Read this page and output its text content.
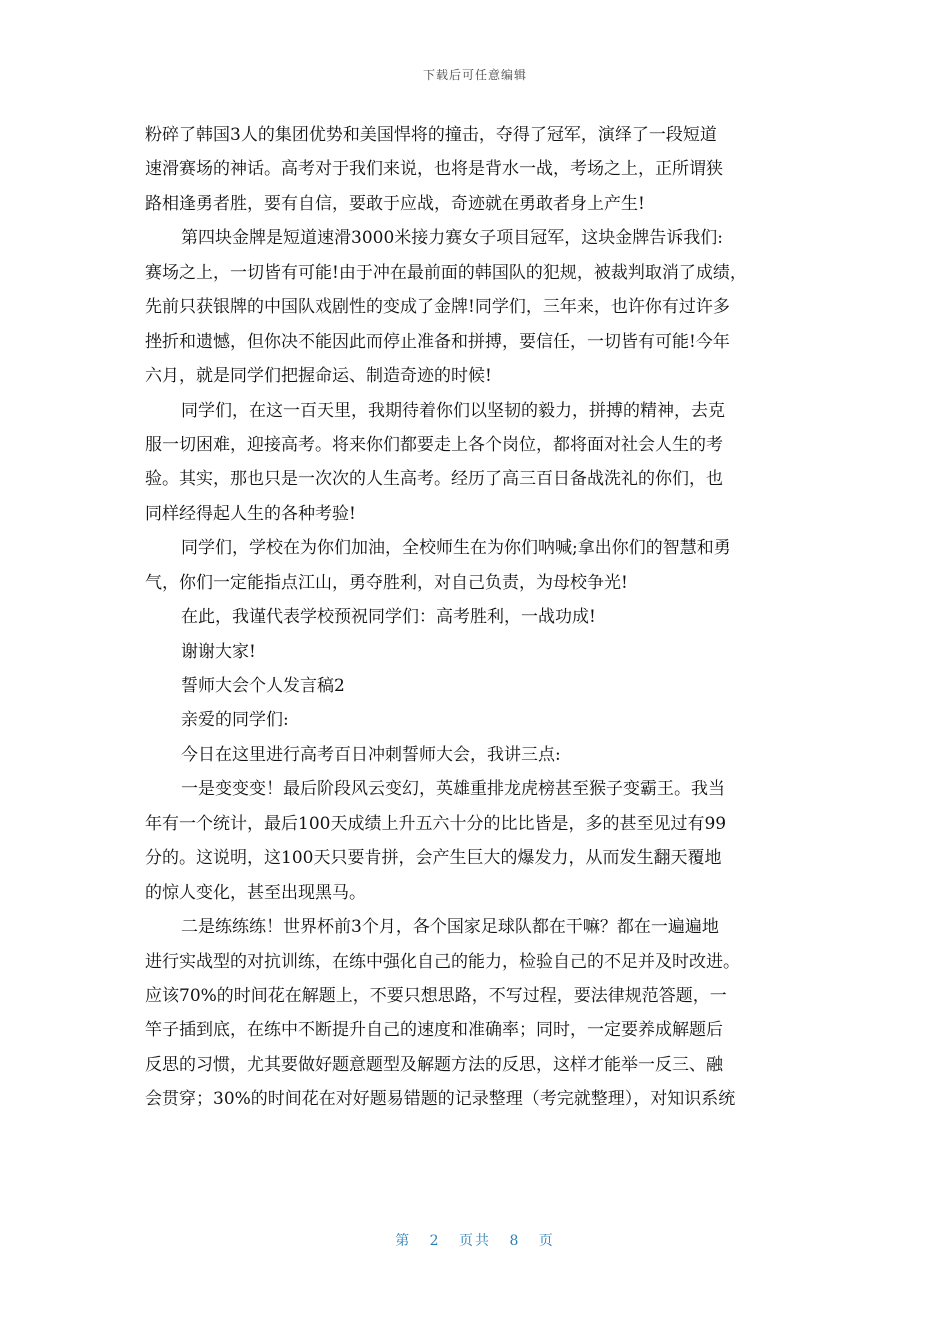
下载后可任意编辑
粉碎了韩国3人的集团优势和美国悍将的撞击，夺得了冠军，演绎了一段短道
速滑赛场的神话。高考对于我们来说，也将是背水一战，考场之上，正所谓狭
路相逢勇者胜，要有自信，要敢于应战，奇迹就在勇敢者身上产生!
第四块金牌是短道速滑3000米接力赛女子项目冠军，这块金牌告诉我们:
赛场之上，一切皆有可能!由于冲在最前面的韩国队的犯规，被裁判取消了成绩，
先前只获银牌的中国队戏剧性的变成了金牌!同学们，三年来，也许你有过许多
挫折和遗憾，但你决不能因此而停止准备和拼搏，要信任，一切皆有可能!今年
六月，就是同学们把握命运、制造奇迹的时候!
同学们，在这一百天里，我期待着你们以坚韧的毅力，拼搏的精神，去克
服一切困难，迎接高考。将来你们都要走上各个岗位，都将面对社会人生的考
验。其实，那也只是一次次的人生高考。经历了高三百日备战洗礼的你们，也
同样经得起人生的各种考验!
同学们，学校在为你们加油，全校师生在为你们呐喊;拿出你们的智慧和勇
气，你们一定能指点江山，勇夺胜利，对自己负责，为母校争光!
在此，我谨代表学校预祝同学们：高考胜利，一战功成!
谢谢大家!
誓师大会个人发言稿2
亲爱的同学们:
今日在这里进行高考百日冲刺誓师大会，我讲三点:
一是变变变！最后阶段风云变幻，英雄重排龙虎榜甚至猴子变霸王。我当
年有一个统计，最后100天成绩上升五六十分的比比皆是，多的甚至见过有99
分的。这说明，这100天只要肯拼，会产生巨大的爆发力，从而发生翻天覆地
的惊人变化，甚至出现黑马。
二是练练练！世界杯前3个月，各个国家足球队都在干嘛？都在一遍遍地
进行实战型的对抗训练，在练中强化自己的能力，检验自己的不足并及时改进。
应该70%的时间花在解题上，不要只想思路，不写过程，要法律规范答题，一
竿子插到底，在练中不断提升自己的速度和准确率；同时，一定要养成解题后
反思的习惯，尤其要做好题意题型及解题方法的反思，这样才能举一反三、融
会贯穿；30%的时间花在对好题易错题的记录整理（考完就整理），对知识系统
第 2 页共 8 页
